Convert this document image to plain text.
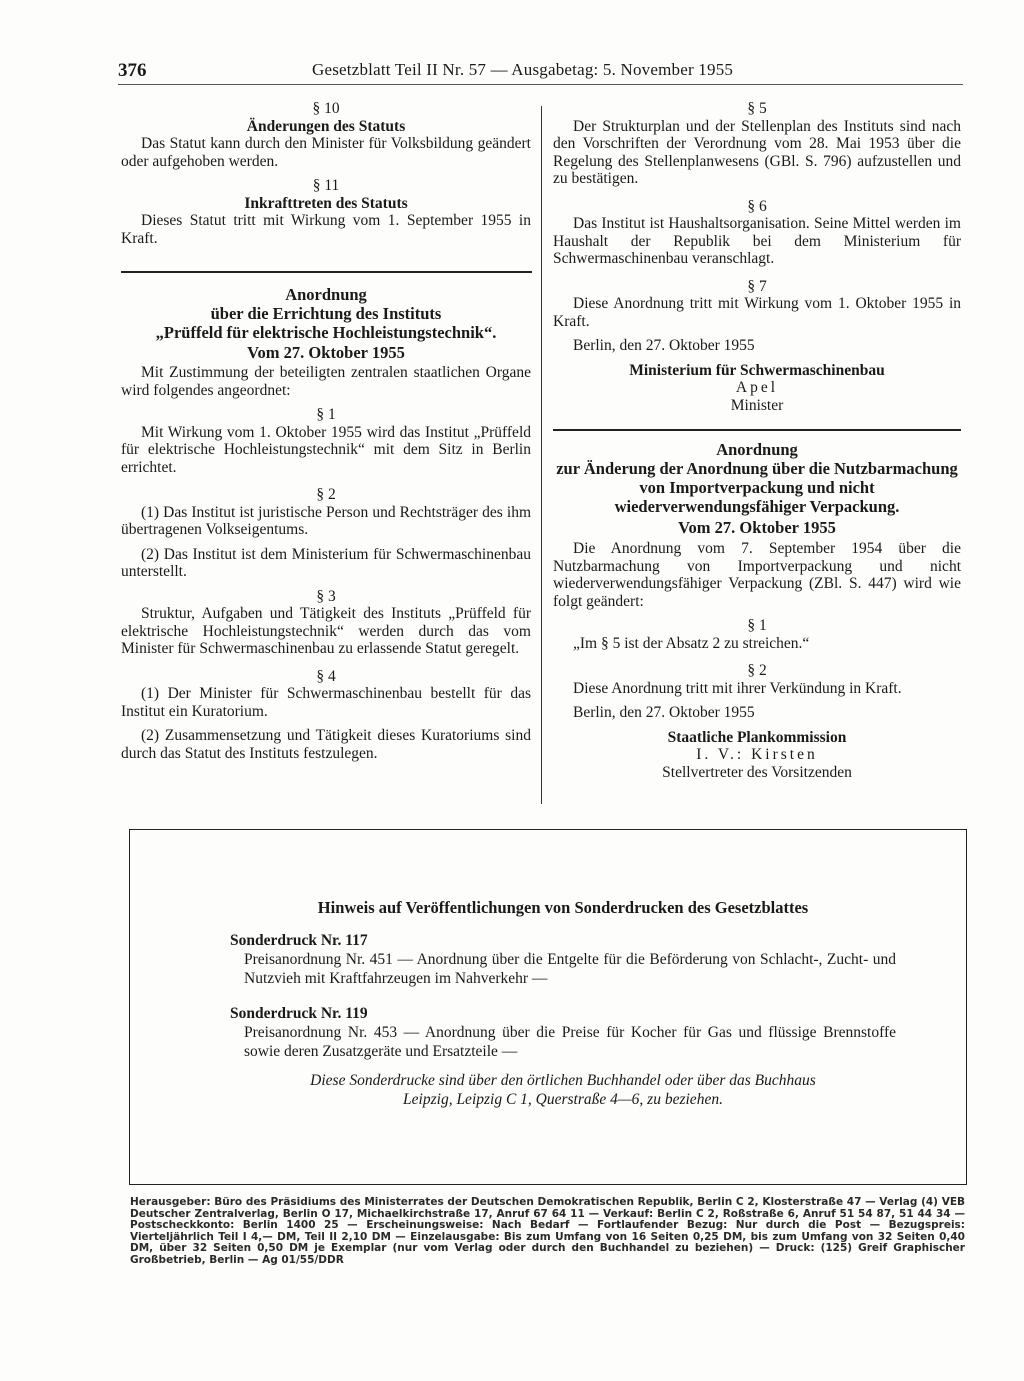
376	Gesetzblatt Teil II Nr. 57 — Ausgabetag: 5. November 1955

§ 10

Änderungen des Statuts

Das Statut kann durch den Minister für Volksbildung geändert oder aufgehoben werden.

§ 11

Inkrafttreten des Statuts

Dieses Statut tritt mit Wirkung vom 1. September 1955 in Kraft.

Anordnung

über die Errichtung des Instituts

„Prüffeld für elektrische Hochleistungstechnik“.

Vom 27. Oktober 1955

Mit Zustimmung der beteiligten zentralen staatlichen Organe wird folgendes angeordnet:

§ 1

Mit Wirkung vom 1. Oktober 1955 wird das Institut „Prüffeld für elektrische Hochleistungstechnik“ mit dem Sitz in Berlin errichtet.

§ 2

(1) Das Institut ist juristische Person und Rechtsträger des ihm übertragenen Volkseigentums.

(2) Das Institut ist dem Ministerium für Schwermaschinenbau unterstellt.

§ 3

Struktur, Aufgaben und Tätigkeit des Instituts „Prüffeld für elektrische Hochleistungstechnik“ werden durch das vom Minister für Schwermaschinenbau zu erlassende Statut geregelt.

§ 4

(1) Der Minister für Schwermaschinenbau bestellt für das Institut ein Kuratorium.

(2) Zusammensetzung und Tätigkeit dieses Kuratoriums sind durch das Statut des Instituts festzulegen.

§ 5

Der Strukturplan und der Stellenplan des Instituts sind nach den Vorschriften der Verordnung vom 28. Mai 1953 über die Regelung des Stellenplanwesens (GBl. S. 796) aufzustellen und zu bestätigen.

§ 6

Das Institut ist Haushaltsorganisation. Seine Mittel werden im Haushalt der Republik bei dem Ministerium für Schwermaschinenbau veranschlagt.

§ 7

Diese Anordnung tritt mit Wirkung vom 1. Oktober 1955 in Kraft.

Berlin, den 27. Oktober 1955

Ministerium für Schwermaschinenbau

Apel

Minister

Anordnung

zur Änderung der Anordnung über die Nutzbarmachung von Importverpackung und nicht wiederverwendungsfähiger Verpackung.

Vom 27. Oktober 1955

Die Anordnung vom 7. September 1954 über die Nutzbarmachung von Importverpackung und nicht wiederverwendungsfähiger Verpackung (ZBl. S. 447) wird wie folgt geändert:

§ 1

„Im § 5 ist der Absatz 2 zu streichen.“

§ 2

Diese Anordnung tritt mit ihrer Verkündung in Kraft.

Berlin, den 27. Oktober 1955

Staatliche Plankommission

I. V.: Kirsten

Stellvertreter des Vorsitzenden

Hinweis auf Veröffentlichungen von Sonderdrucken des Gesetzblattes
Sonderdruck Nr. 117
Preisanordnung Nr. 451 — Anordnung über die Entgelte für die Beförderung von Schlacht-, Zucht- und Nutzvieh mit Kraftfahrzeugen im Nahverkehr —
Sonderdruck Nr. 119
Preisanordnung Nr. 453 — Anordnung über die Preise für Kocher für Gas und flüssige Brennstoffe sowie deren Zusatzgeräte und Ersatzteile —
Diese Sonderdrucke sind über den örtlichen Buchhandel oder über das Buchhaus
Leipzig, Leipzig C 1, Querstraße 4—6, zu beziehen.
Herausgeber: Büro des Präsidiums des Ministerrates der Deutschen Demokratischen Republik, Berlin C 2, Klosterstraße 47 — Verlag (4) VEB Deutscher Zentralverlag, Berlin O 17, Michaelkirchstraße 17, Anruf 67 64 11 — Verkauf: Berlin C 2, Roßstraße 6, Anruf 51 54 87, 51 44 34 — Postscheckkonto: Berlin 1400 25 — Erscheinungsweise: Nach Bedarf — Fortlaufender Bezug: Nur durch die Post — Bezugspreis: Vierteljährlich Teil I 4,— DM, Teil II 2,10 DM — Einzelausgabe: Bis zum Umfang von 16 Seiten 0,25 DM, bis zum Umfang von 32 Seiten 0,40 DM, über 32 Seiten 0,50 DM je Exemplar (nur vom Verlag oder durch den Buchhandel zu beziehen) — Druck: (125) Greif Graphischer Großbetrieb, Berlin — Ag 01/55/DDR
